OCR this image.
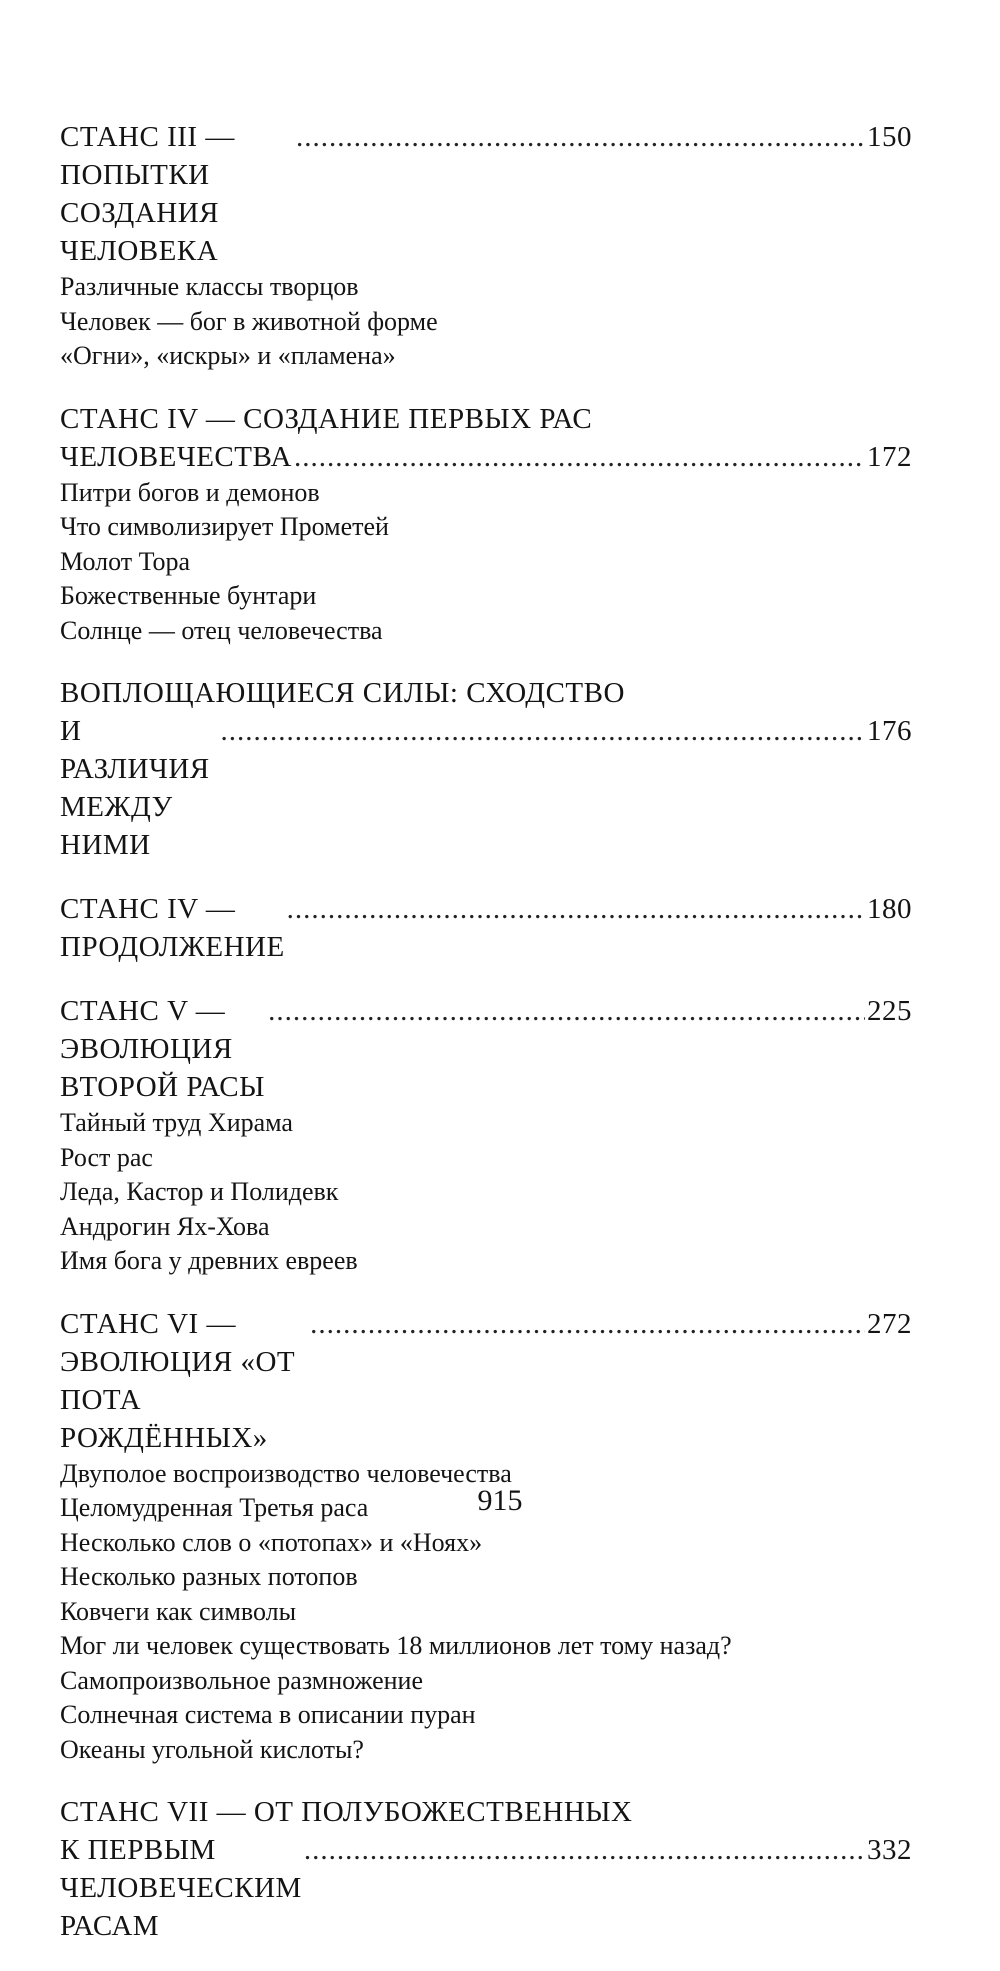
СТАНС III — ПОПЫТКИ СОЗДАНИЯ ЧЕЛОВЕКА
.....
150
Различные классы творцов
Человек — бог в животной форме
«Огни», «искры» и «пламена»
СТАНС IV — СОЗДАНИЕ ПЕРВЫХ РАС
ЧЕЛОВЕЧЕСТВА
.....	172
Питри богов и демонов
Что символизирует Прометей
Молот Тора
Божественные бунтари
Солнце — отец человечества
ВОПЛОЩАЮЩИЕСЯ СИЛЫ: СХОДСТВО
И РАЗЛИЧИЯ МЕЖДУ НИМИ
.....
176
СТАНС IV —ПРОДОЛЖЕНИЕ
.....
180
СТАНС V — ЭВОЛЮЦИЯ ВТОРОЙ РАСЫ
.....
225
Тайный труд Хирама
Рост рас
Леда, Кастор и Полидевк
Андрогин Ях-Хова
Имя бога у древних евреев
СТАНС VI — ЭВОЛЮЦИЯ «ОТ ПОТА РОЖДЁННЫХ»
.....
272
Двуполое воспроизводство человечества
Целомудренная Третья раса
Несколько слов о «потопах» и «Ноях»
Несколько разных потопов
Ковчеги как символы
Мог ли человек существовать 18 миллионов лет тому назад?
Самопроизвольное размножение
Солнечная система в описании пуран
Океаны угольной кислоты?
СТАНС VII — ОТ ПОЛУБОЖЕСТВЕННЫХ
К ПЕРВЫМ ЧЕЛОВЕЧЕСКИМ РАСАМ
.....
332
915
